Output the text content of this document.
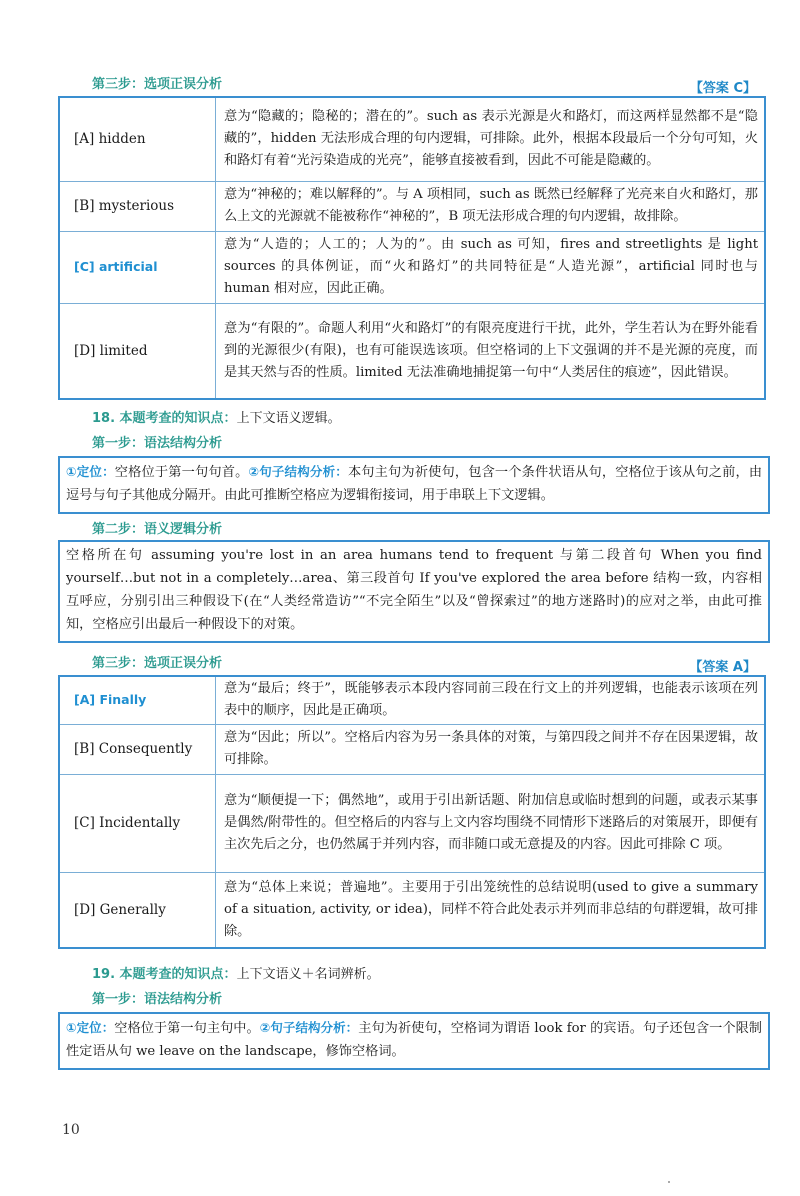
第三步：选项正误分析	【答案 C】
[A] hidden	意为“隐藏的；隐秘的；潜在的”。such as 表示光源是火和路灯，而这两样显然都不是“隐藏的”，hidden 无法形成合理的句内逻辑，可排除。此外，根据本段最后一个分句可知，火和路灯有着“光污染造成的光亮”，能够直接被看到，因此不可能是隐藏的。
[B] mysterious	意为“神秘的；难以解释的”。与 A 项相同，such as 既然已经解释了光亮来自火和路灯，那么上文的光源就不能被称作“神秘的”，B 项无法形成合理的句内逻辑，故排除。
[C] artificial	意为“人造的；人工的；人为的”。由 such as 可知，fires and streetlights 是 light sources 的具体例证，而“火和路灯”的共同特征是“人造光源”，artificial 同时也与 human 相对应，因此正确。
[D] limited	意为“有限的”。命题人利用“火和路灯”的有限亮度进行干扰，此外，学生若认为在野外能看到的光源很少(有限)，也有可能误选该项。但空格词的上下文强调的并不是光源的亮度，而是其天然与否的性质。limited 无法准确地捕捉第一句中“人类居住的痕迹”，因此错误。
18. 本题考查的知识点：上下文语义逻辑。
第一步：语法结构分析
①定位：空格位于第一句句首。②句子结构分析：本句主句为祈使句，包含一个条件状语从句，空格位于该从句之前，由逗号与句子其他成分隔开。由此可推断空格应为逻辑衔接词，用于串联上下文逻辑。
第二步：语义逻辑分析
空格所在句 assuming you're lost in an area humans tend to frequent 与第二段首句 When you find yourself…but not in a completely…area、第三段首句 If you've explored the area before 结构一致，内容相互呼应，分别引出三种假设下(在“人类经常造访”“不完全陌生”以及“曾探索过”的地方迷路时)的应对之举，由此可推知，空格应引出最后一种假设下的对策。
第三步：选项正误分析	【答案 A】
[A] Finally	意为“最后；终于”，既能够表示本段内容同前三段在行文上的并列逻辑，也能表示该项在列表中的顺序，因此是正确项。
[B] Consequently	意为“因此；所以”。空格后内容为另一条具体的对策，与第四段之间并不存在因果逻辑，故可排除。
[C] Incidentally	意为“顺便提一下；偶然地”，或用于引出新话题、附加信息或临时想到的问题，或表示某事是偶然/附带性的。但空格后的内容与上文内容均围绕不同情形下迷路后的对策展开，即便有主次先后之分，也仍然属于并列内容，而非随口或无意提及的内容。因此可排除 C 项。
[D] Generally	意为“总体上来说；普遍地”。主要用于引出笼统性的总结说明(used to give a summary of a situation, activity, or idea)，同样不符合此处表示并列而非总结的句群逻辑，故可排除。
19. 本题考查的知识点：上下文语义＋名词辨析。
第一步：语法结构分析
①定位：空格位于第一句主句中。②句子结构分析：主句为祈使句，空格词为谓语 look for 的宾语。句子还包含一个限制性定语从句 we leave on the landscape，修饰空格词。
10
